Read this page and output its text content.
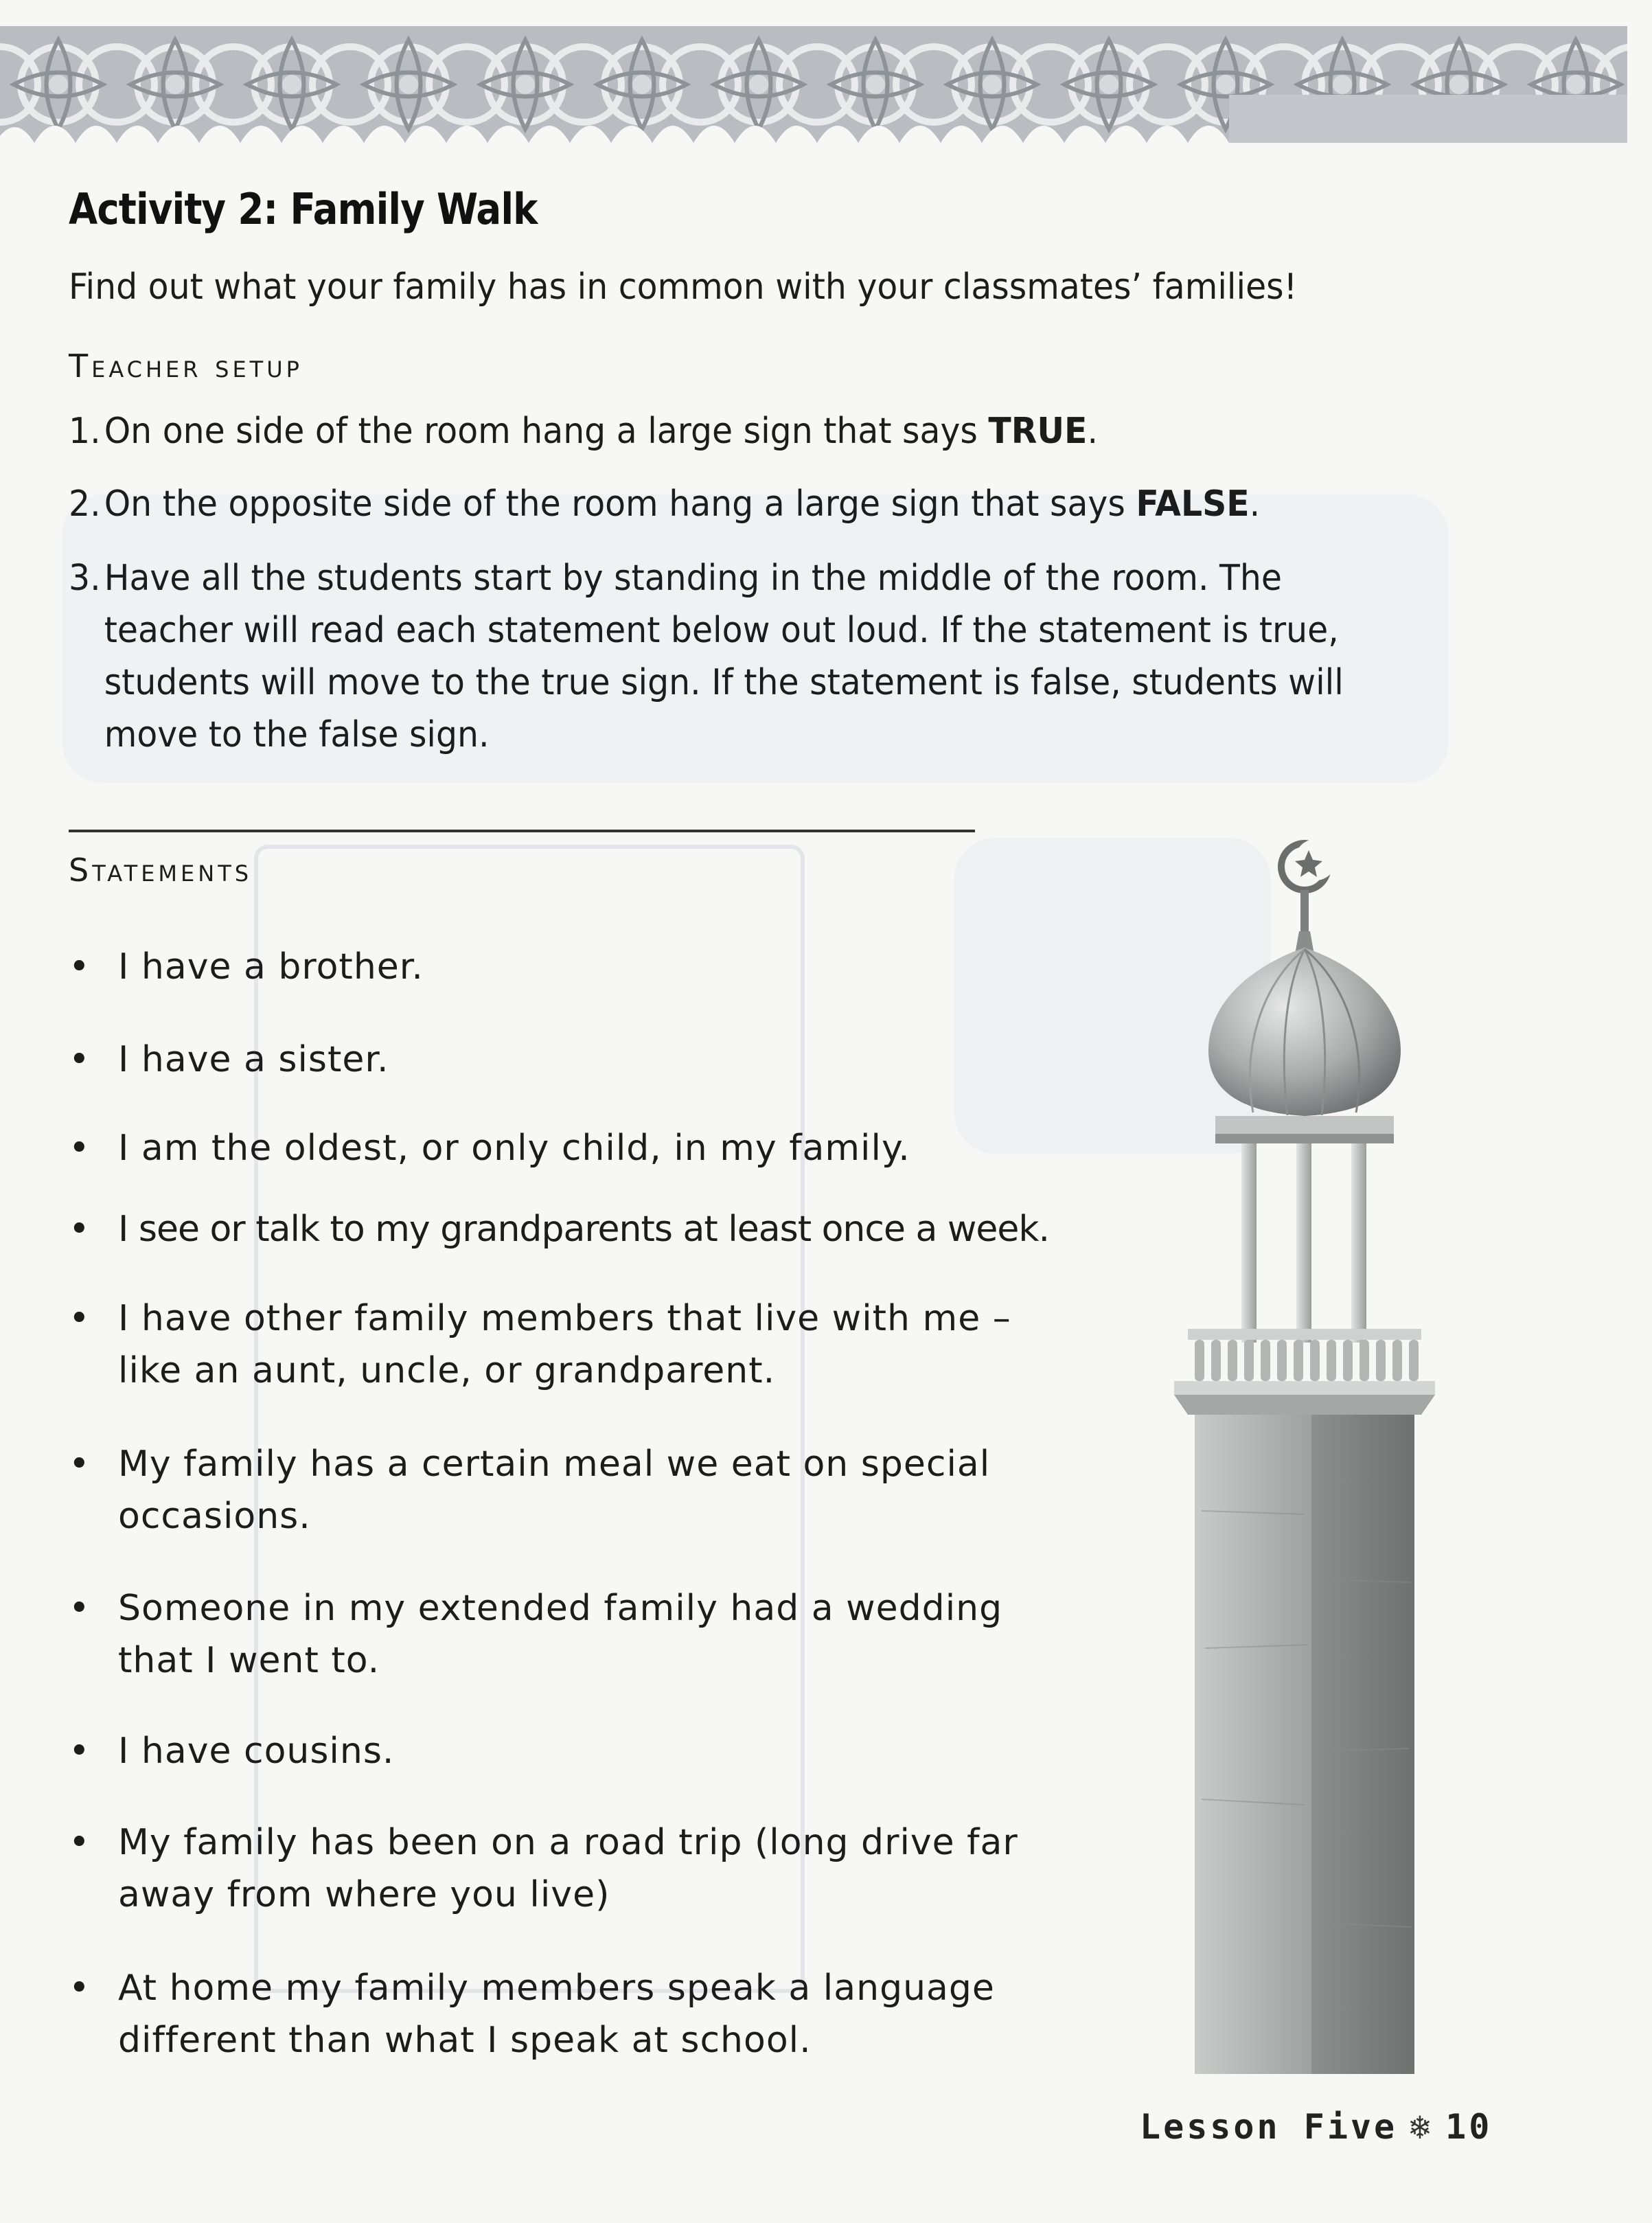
Activity 2: Family Walk
Find out what your family has in common with your classmates’ families!
Teacher setup
1.On one side of the room hang a large sign that says TRUE.
2.On the opposite side of the room hang a large sign that says FALSE.
3.Have all the students start by standing in the middle of the room. The
teacher will read each statement below out loud. If the statement is true,
students will move to the true sign. If the statement is false, students will
move to the false sign.
Statements
• I have a brother.
• I have a sister.
• I am the oldest, or only child, in my family.
• I see or talk to my grandparents at least once a week.
• I have other family members that live with me –
like an aunt, uncle, or grandparent.
• My family has a certain meal we eat on special
occasions.
• Someone in my extended family had a wedding
that I went to.
• I have cousins.
• My family has been on a road trip (long drive far
away from where you live)
• At home my family members speak a language
different than what I speak at school.
Lesson Five ❄ 10
